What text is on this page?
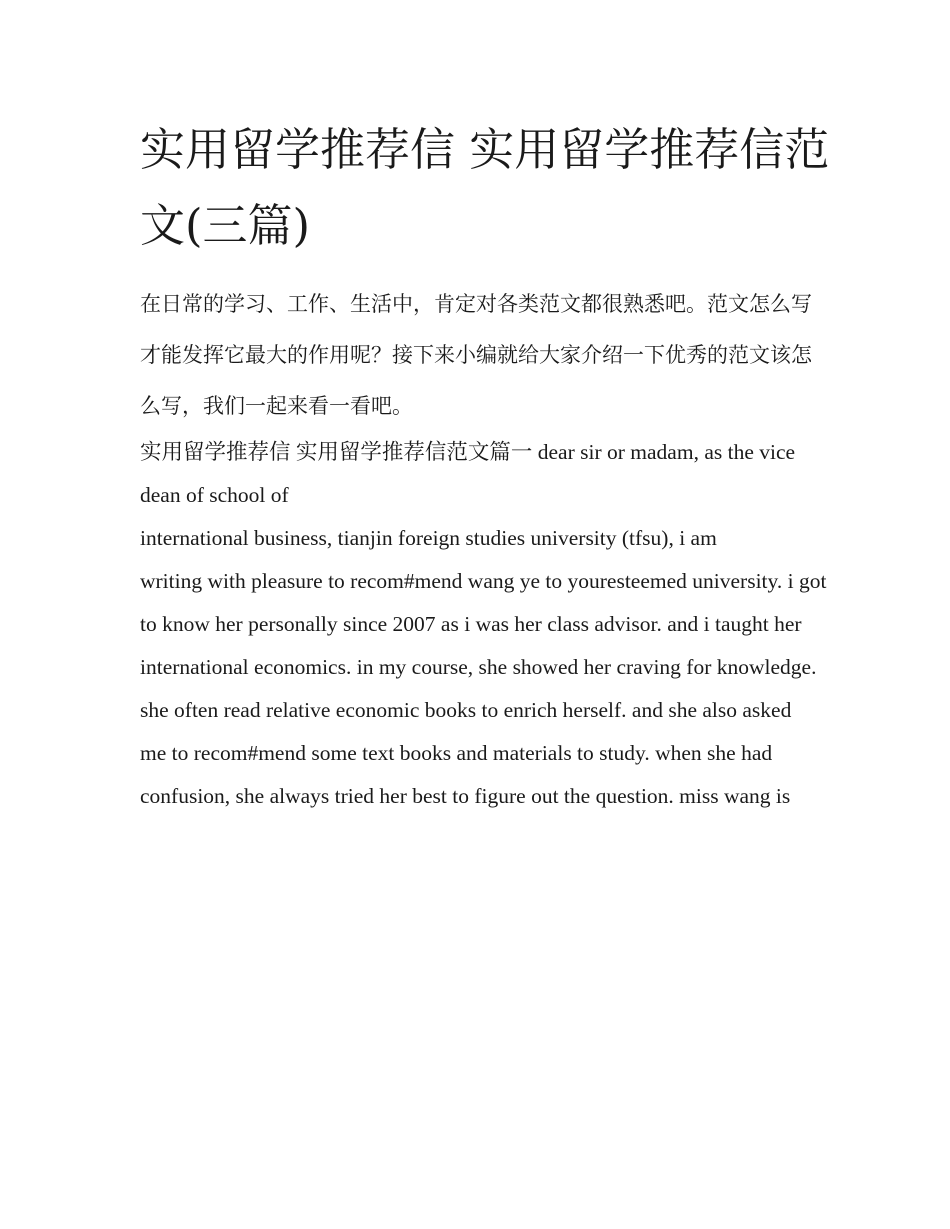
实用留学推荐信 实用留学推荐信范文(三篇)

在日常的学习、工作、生活中，肯定对各类范文都很熟悉吧。范文怎么写才能发挥它最大的作用呢？接下来小编就给大家介绍一下优秀的范文该怎么写，我们一起来看一看吧。

实用留学推荐信 实用留学推荐信范文篇一 dear sir or madam, as the vice dean of school of

international business, tianjin foreign studies university (tfsu), i am

writing with pleasure to recom#mend wang ye to youresteemed university. i got

to know her personally since 2007 as i was her class advisor. and i taught her

international economics. in my course, she showed her craving for knowledge.

she often read relative economic books to enrich herself. and she also asked

me to recom#mend some text books and materials to study. when she had

confusion, she always tried her best to figure out the question. miss wang is
